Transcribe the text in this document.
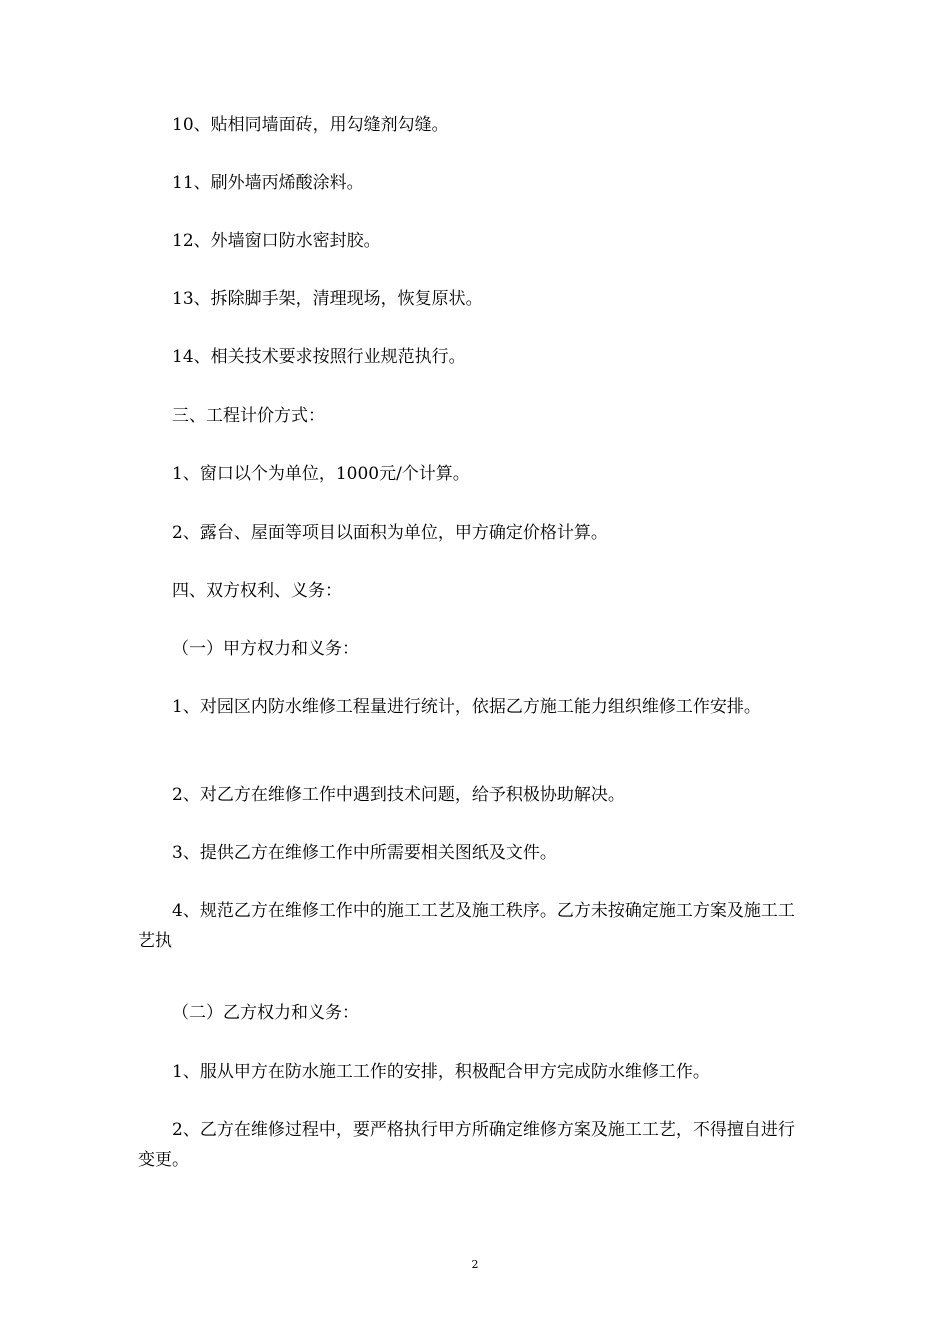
10、贴相同墙面砖，用勾缝剂勾缝。

11、刷外墙丙烯酸涂料。

12、外墙窗口防水密封胶。

13、拆除脚手架，清理现场，恢复原状。

14、相关技术要求按照行业规范执行。

三、工程计价方式：

1、窗口以个为单位，1000元/个计算。

2、露台、屋面等项目以面积为单位，甲方确定价格计算。

四、双方权利、义务：

（一）甲方权力和义务：

1、对园区内防水维修工程量进行统计，依据乙方施工能力组织维修工作安排。

2、对乙方在维修工作中遇到技术问题，给予积极协助解决。

3、提供乙方在维修工作中所需要相关图纸及文件。

4、规范乙方在维修工作中的施工工艺及施工秩序。乙方未按确定施工方案及施工工艺执

（二）乙方权力和义务：

1、服从甲方在防水施工工作的安排，积极配合甲方完成防水维修工作。

2、乙方在维修过程中，要严格执行甲方所确定维修方案及施工工艺，不得擅自进行变更。

2
